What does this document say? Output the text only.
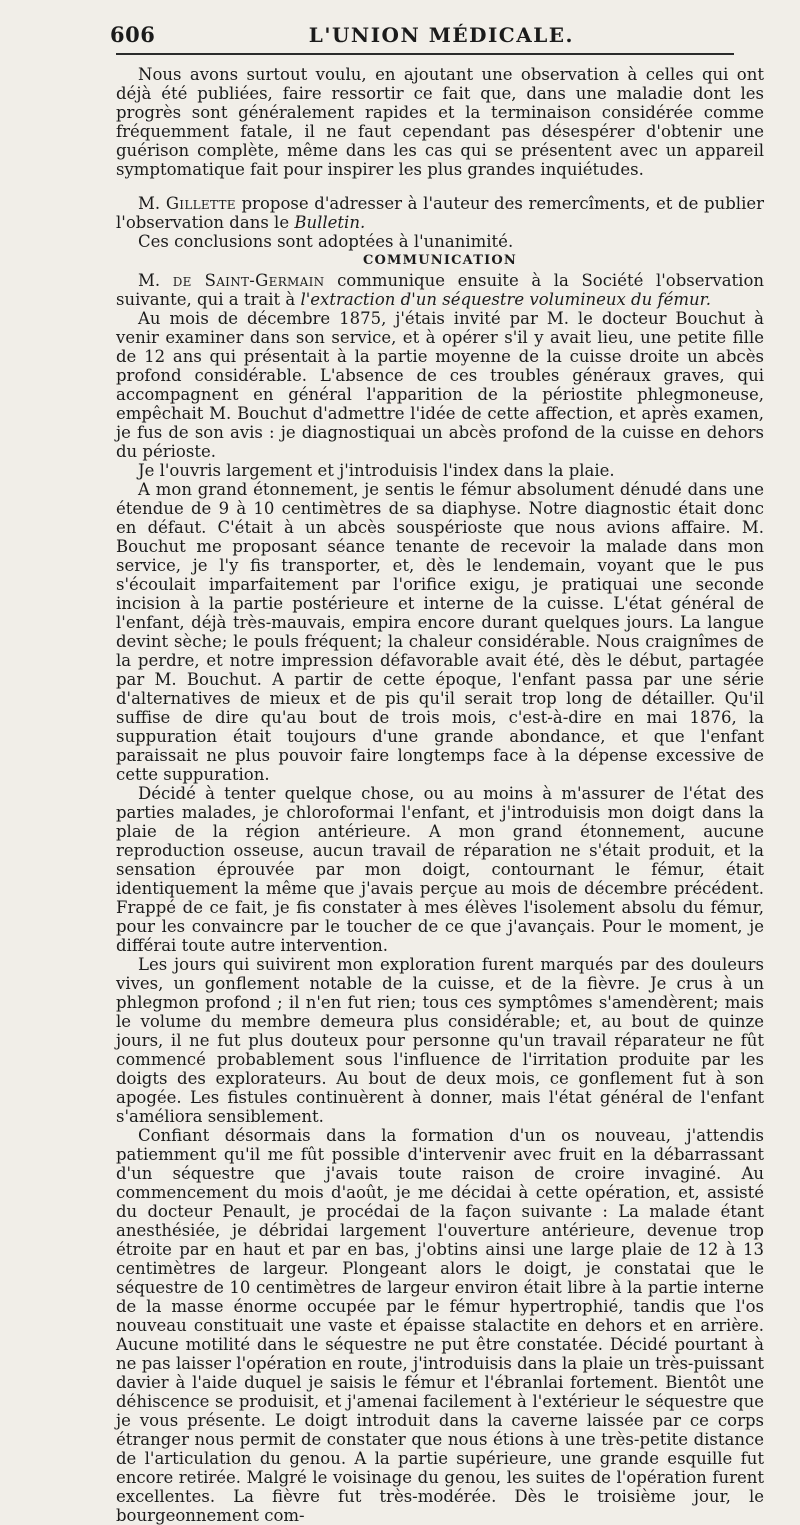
606	L'UNION MÉDICALE.

Nous avons surtout voulu, en ajoutant une observation à celles qui ont déjà été publiées, faire ressortir ce fait que, dans une maladie dont les progrès sont généralement rapides et la terminaison considérée comme fréquemment fatale, il ne faut cependant pas désespérer d'obtenir une guérison complète, même dans les cas qui se présentent avec un appareil symptomatique fait pour inspirer les plus grandes inquiétudes.

M. Gillette propose d'adresser à l'auteur des remercîments, et de publier l'observation dans le Bulletin.

Ces conclusions sont adoptées à l'unanimité.

COMMUNICATION

M. de Saint-Germain communique ensuite à la Société l'observation suivante, qui a trait à l'extraction d'un séquestre volumineux du fémur.

Au mois de décembre 1875, j'étais invité par M. le docteur Bouchut à venir examiner dans son service, et à opérer s'il y avait lieu, une petite fille de 12 ans qui présentait à la partie moyenne de la cuisse droite un abcès profond considérable. L'absence de ces troubles généraux graves, qui accompagnent en général l'apparition de la périostite phlegmoneuse, empêchait M. Bouchut d'admettre l'idée de cette affection, et après examen, je fus de son avis : je diagnostiquai un abcès profond de la cuisse en dehors du périoste.

Je l'ouvris largement et j'introduisis l'index dans la plaie.

A mon grand étonnement, je sentis le fémur absolument dénudé dans une étendue de 9 à 10 centimètres de sa diaphyse. Notre diagnostic était donc en défaut. C'était à un abcès souspérioste que nous avions affaire. M. Bouchut me proposant séance tenante de recevoir la malade dans mon service, je l'y fis transporter, et, dès le lendemain, voyant que le pus s'écoulait imparfaitement par l'orifice exigu, je pratiquai une seconde incision à la partie postérieure et interne de la cuisse. L'état général de l'enfant, déjà très-mauvais, empira encore durant quelques jours. La langue devint sèche; le pouls fréquent; la chaleur considérable. Nous craignîmes de la perdre, et notre impression défavorable avait été, dès le début, partagée par M. Bouchut. A partir de cette époque, l'enfant passa par une série d'alternatives de mieux et de pis qu'il serait trop long de détailler. Qu'il suffise de dire qu'au bout de trois mois, c'est-à-dire en mai 1876, la suppuration était toujours d'une grande abondance, et que l'enfant paraissait ne plus pouvoir faire longtemps face à la dépense excessive de cette suppuration.

Décidé à tenter quelque chose, ou au moins à m'assurer de l'état des parties malades, je chloroformai l'enfant, et j'introduisis mon doigt dans la plaie de la région antérieure. A mon grand étonnement, aucune reproduction osseuse, aucun travail de réparation ne s'était produit, et la sensation éprouvée par mon doigt, contournant le fémur, était identiquement la même que j'avais perçue au mois de décembre précédent. Frappé de ce fait, je fis constater à mes élèves l'isolement absolu du fémur, pour les convaincre par le toucher de ce que j'avançais. Pour le moment, je différai toute autre intervention.

Les jours qui suivirent mon exploration furent marqués par des douleurs vives, un gonflement notable de la cuisse, et de la fièvre. Je crus à un phlegmon profond ; il n'en fut rien; tous ces symptômes s'amendèrent; mais le volume du membre demeura plus considérable; et, au bout de quinze jours, il ne fut plus douteux pour personne qu'un travail réparateur ne fût commencé probablement sous l'influence de l'irritation produite par les doigts des explorateurs. Au bout de deux mois, ce gonflement fut à son apogée. Les fistules continuèrent à donner, mais l'état général de l'enfant s'améliora sensiblement.

Confiant désormais dans la formation d'un os nouveau, j'attendis patiemment qu'il me fût possible d'intervenir avec fruit en la débarrassant d'un séquestre que j'avais toute raison de croire invaginé. Au commencement du mois d'août, je me décidai à cette opération, et, assisté du docteur Penault, je procédai de la façon suivante : La malade étant anesthésiée, je débridai largement l'ouverture antérieure, devenue trop étroite par en haut et par en bas, j'obtins ainsi une large plaie de 12 à 13 centimètres de largeur. Plongeant alors le doigt, je constatai que le séquestre de 10 centimètres de largeur environ était libre à la partie interne de la masse énorme occupée par le fémur hypertrophié, tandis que l'os nouveau constituait une vaste et épaisse stalactite en dehors et en arrière. Aucune motilité dans le séquestre ne put être constatée. Décidé pourtant à ne pas laisser l'opération en route, j'introduisis dans la plaie un très-puissant davier à l'aide duquel je saisis le fémur et l'ébranlai fortement. Bientôt une déhiscence se produisit, et j'amenai facilement à l'extérieur le séquestre que je vous présente. Le doigt introduit dans la caverne laissée par ce corps étranger nous permit de constater que nous étions à une très-petite distance de l'articulation du genou. A la partie supérieure, une grande esquille fut encore retirée. Malgré le voisinage du genou, les suites de l'opération furent excellentes. La fièvre fut très-modérée. Dès le troisième jour, le bourgeonnement com-
